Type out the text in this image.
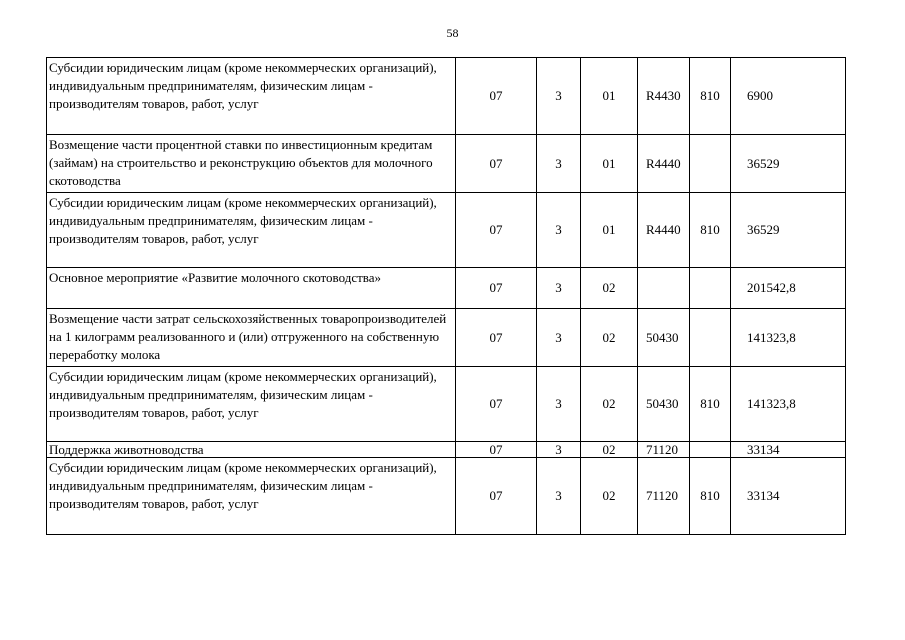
58
Субсидии юридическим лицам (кроме некоммерческих организаций), индивидуальным предпринимателям, физическим лицам - производителям товаров, работ, услуг	07	3	01	R4430	810	6900
Возмещение части процентной ставки по инвестиционным кредитам (займам) на строительство и реконструкцию объектов для молочного скотоводства	07	3	01	R4440		36529
Субсидии юридическим лицам (кроме некоммерческих организаций), индивидуальным предпринимателям, физическим лицам - производителям товаров, работ, услуг	07	3	01	R4440	810	36529
Основное мероприятие «Развитие молочного скотоводства»	07	3	02			201542,8
Возмещение части затрат сельскохозяйственных товаропроизводителей на 1 килограмм реализованного и (или) отгруженного на собственную переработку молока	07	3	02	50430		141323,8
Субсидии юридическим лицам (кроме некоммерческих организаций), индивидуальным предпринимателям, физическим лицам - производителям товаров, работ, услуг	07	3	02	50430	810	141323,8
Поддержка животноводства	07	3	02	71120		33134
Субсидии юридическим лицам (кроме некоммерческих организаций), индивидуальным предпринимателям, физическим лицам - производителям товаров, работ, услуг	07	3	02	71120	810	33134
